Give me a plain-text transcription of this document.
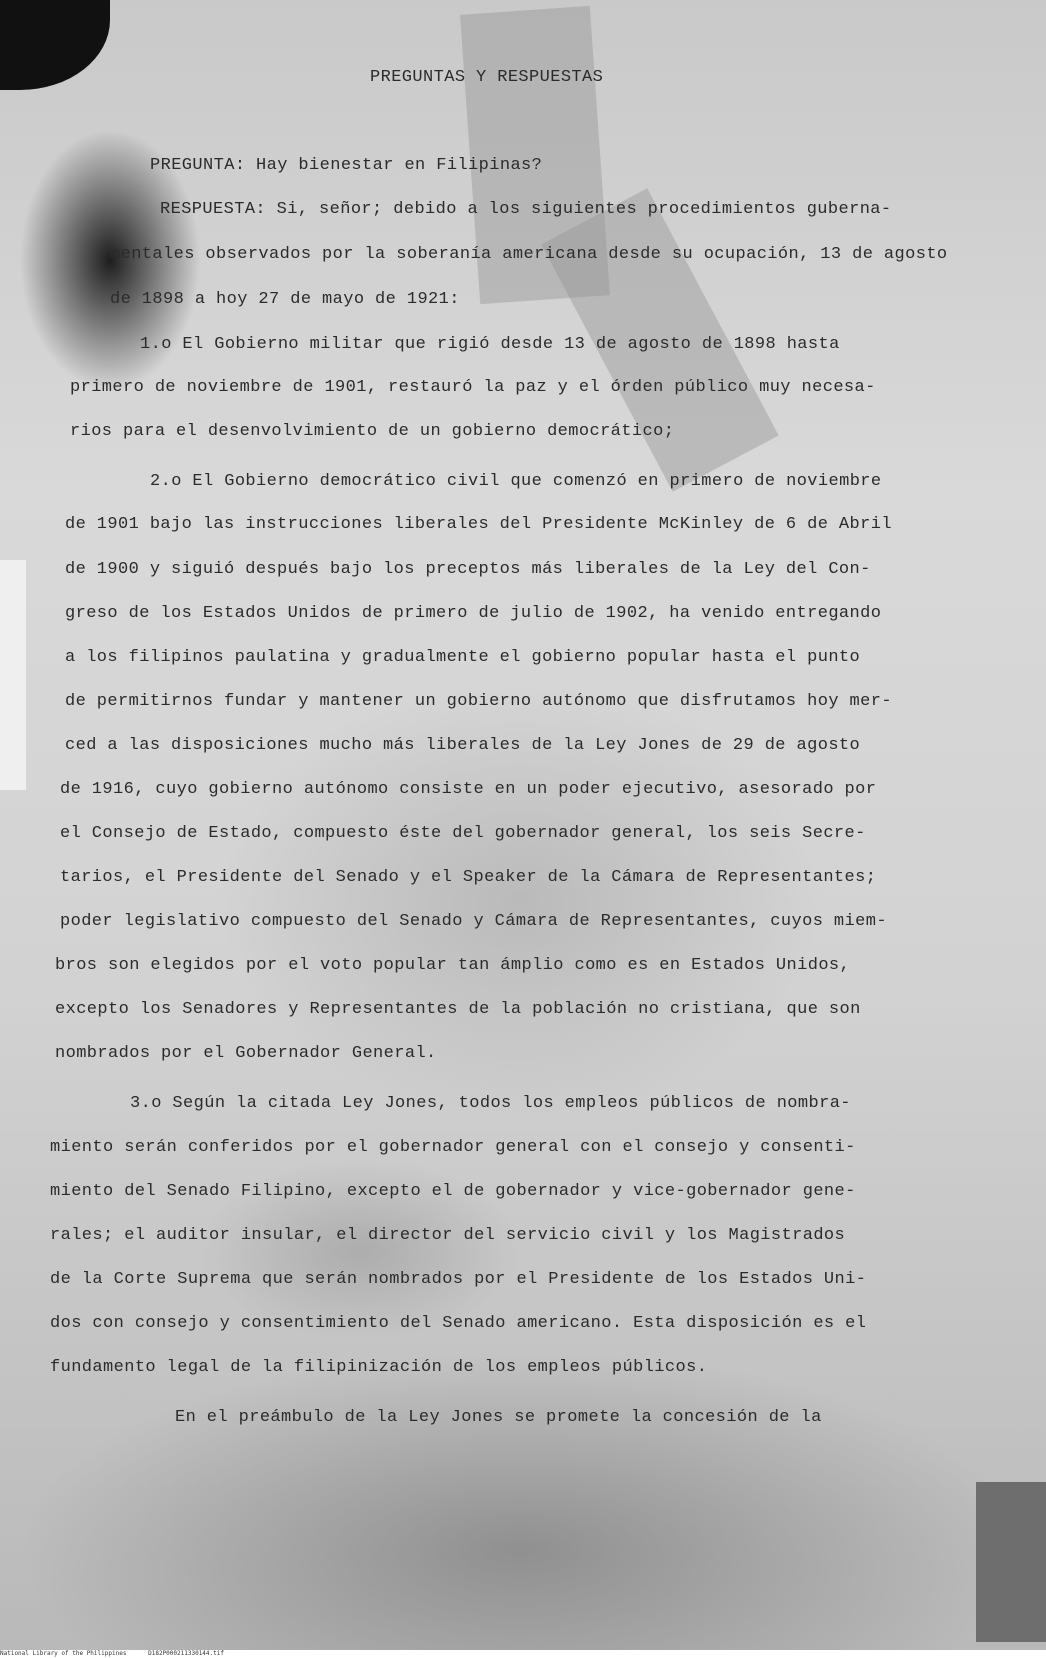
PREGUNTAS Y RESPUESTAS
PREGUNTA: Hay bienestar en Filipinas?
RESPUESTA: Si, señor; debido a los siguientes procedimientos guberna-
mentales observados por la soberanía americana desde su ocupación, 13 de agosto
de 1898 a hoy 27 de mayo de 1921:
1.o El Gobierno militar que rigió desde 13 de agosto de 1898 hasta
primero de noviembre de 1901, restauró la paz y el órden público muy necesa-
rios para el desenvolvimiento de un gobierno democrático;
2.o El Gobierno democrático civil que comenzó en primero de noviembre
de 1901 bajo las instrucciones liberales del Presidente McKinley de 6 de Abril
de 1900 y siguió después bajo los preceptos más liberales de la Ley del Con-
greso de los Estados Unidos de primero de julio de 1902, ha venido entregando
a los filipinos paulatina y gradualmente el gobierno popular hasta el punto
de permitirnos fundar y mantener un gobierno autónomo que disfrutamos hoy mer-
ced a las disposiciones mucho más liberales de la Ley Jones de 29 de agosto
de 1916, cuyo gobierno autónomo consiste en un poder ejecutivo, asesorado por
el Consejo de Estado, compuesto éste del gobernador general, los seis Secre-
tarios, el Presidente del Senado y el Speaker de la Cámara de Representantes;
poder legislativo compuesto del Senado y Cámara de Representantes, cuyos miem-
bros son elegidos por el voto popular tan ámplio como es en Estados Unidos,
excepto los Senadores y Representantes de la población no cristiana, que son
nombrados por el Gobernador General.
3.o Según la citada Ley Jones, todos los empleos públicos de nombra-
miento serán conferidos por el gobernador general con el consejo y consenti-
miento del Senado Filipino, excepto el de gobernador y vice-gobernador gene-
rales; el auditor insular, el director del servicio civil y los Magistrados
de la Corte Suprema que serán nombrados por el Presidente de los Estados Uni-
dos con consejo y consentimiento del Senado americano. Esta disposición es el
fundamento legal de la filipinización de los empleos públicos.
En el preámbulo de la Ley Jones se promete la concesión de la
National Library of the Philippines	D182P000211330144.tif
